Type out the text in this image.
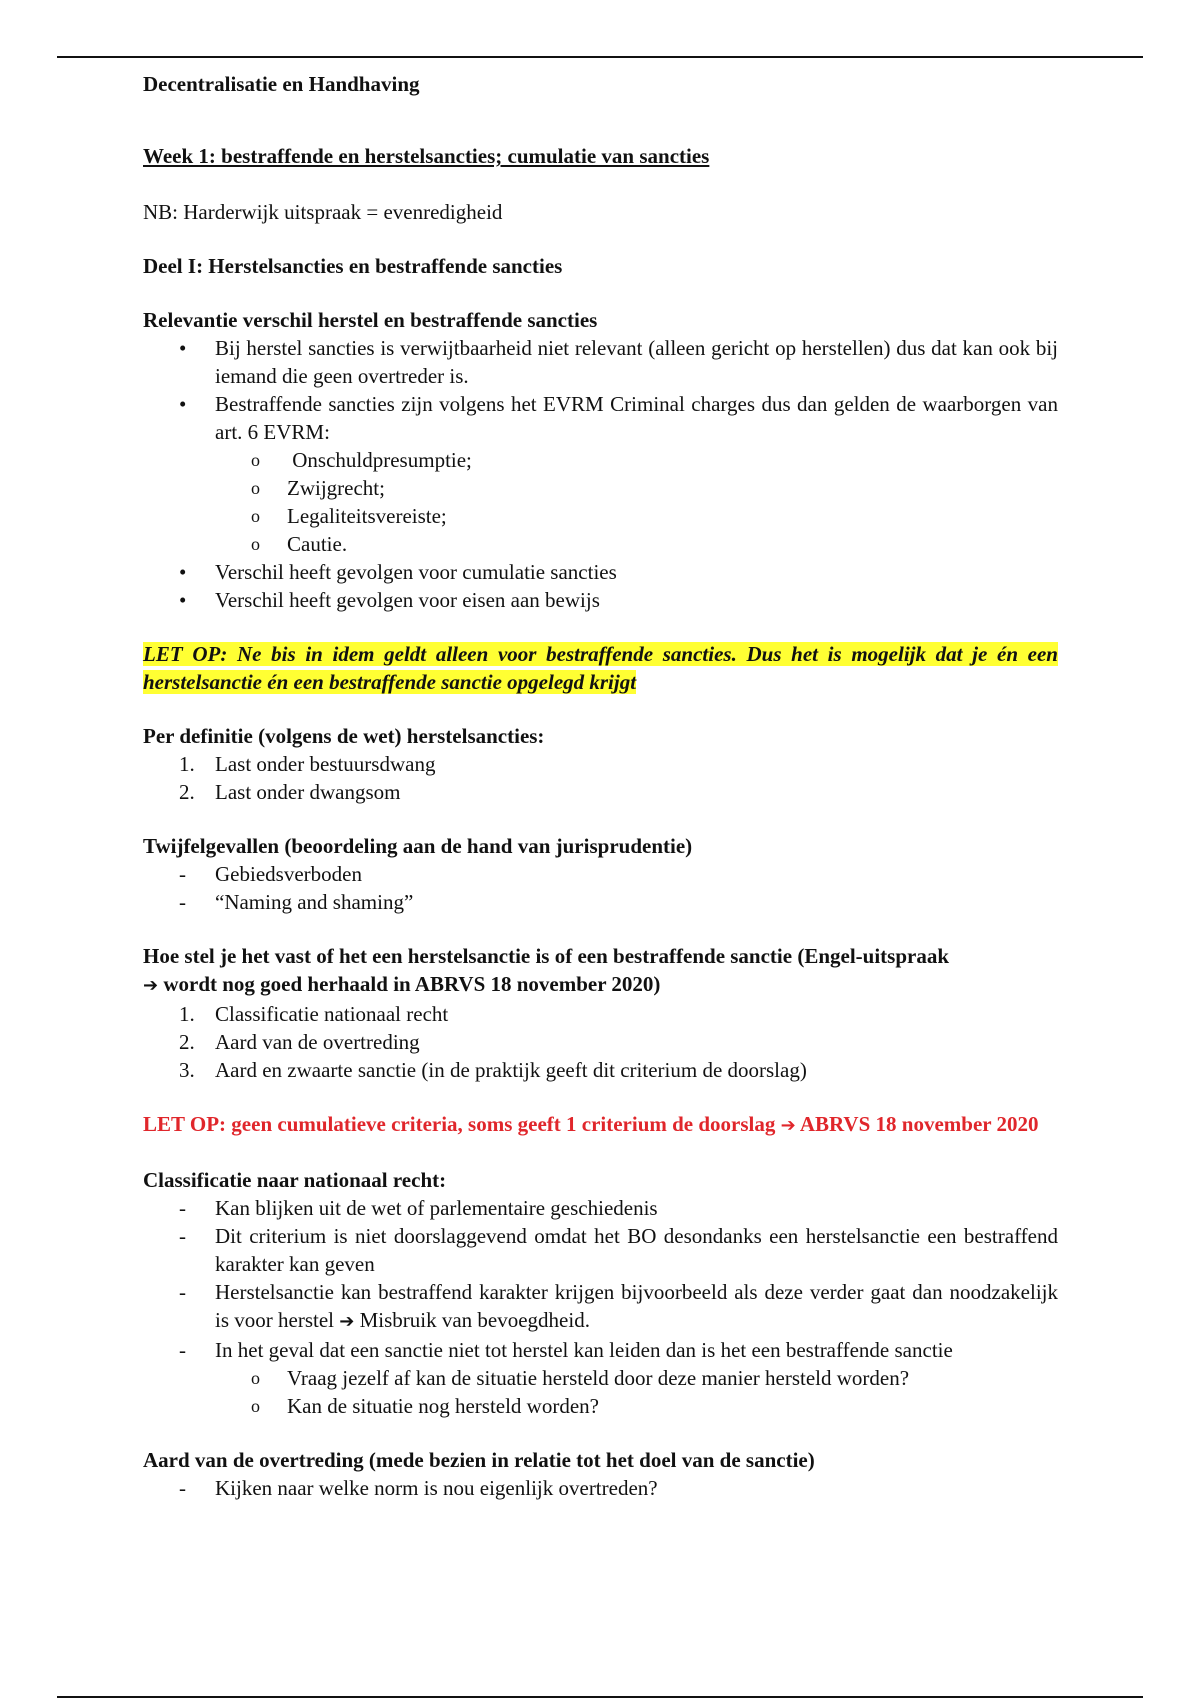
Decentralisatie en Handhaving

Week 1: bestraffende en herstelsancties; cumulatie van sancties

NB: Harderwijk uitspraak = evenredigheid

Deel I: Herstelsancties en bestraffende sancties

Relevantie verschil herstel en bestraffende sancties

• Bij herstel sancties is verwijtbaarheid niet relevant (alleen gericht op herstellen) dus dat kan ook bij iemand die geen overtreder is.
• Bestraffende sancties zijn volgens het EVRM Criminal charges dus dan gelden de waarborgen van art. 6 EVRM:
o Onschuldpresumptie;
o Zwijgrecht;
o Legaliteitsvereiste;
o Cautie.
• Verschil heeft gevolgen voor cumulatie sancties
• Verschil heeft gevolgen voor eisen aan bewijs

LET OP: Ne bis in idem geldt alleen voor bestraffende sancties. Dus het is mogelijk dat je én een herstelsanctie én een bestraffende sanctie opgelegd krijgt

Per definitie (volgens de wet) herstelsancties:

1. Last onder bestuursdwang
2. Last onder dwangsom

Twijfelgevallen (beoordeling aan de hand van jurisprudentie)

- Gebiedsverboden
- “Naming and shaming”

Hoe stel je het vast of het een herstelsanctie is of een bestraffende sanctie (Engel-uitspraak
➔ wordt nog goed herhaald in ABRVS 18 november 2020)

1. Classificatie nationaal recht
2. Aard van de overtreding
3. Aard en zwaarte sanctie (in de praktijk geeft dit criterium de doorslag)

LET OP: geen cumulatieve criteria, soms geeft 1 criterium de doorslag ➔ ABRVS 18 november 2020

Classificatie naar nationaal recht:

- Kan blijken uit de wet of parlementaire geschiedenis
- Dit criterium is niet doorslaggevend omdat het BO desondanks een herstelsanctie een bestraffend karakter kan geven
- Herstelsanctie kan bestraffend karakter krijgen bijvoorbeeld als deze verder gaat dan noodzakelijk is voor herstel ➔ Misbruik van bevoegdheid.
- In het geval dat een sanctie niet tot herstel kan leiden dan is het een bestraffende sanctie
o Vraag jezelf af kan de situatie hersteld door deze manier hersteld worden?
o Kan de situatie nog hersteld worden?

Aard van de overtreding (mede bezien in relatie tot het doel van de sanctie)

- Kijken naar welke norm is nou eigenlijk overtreden?
